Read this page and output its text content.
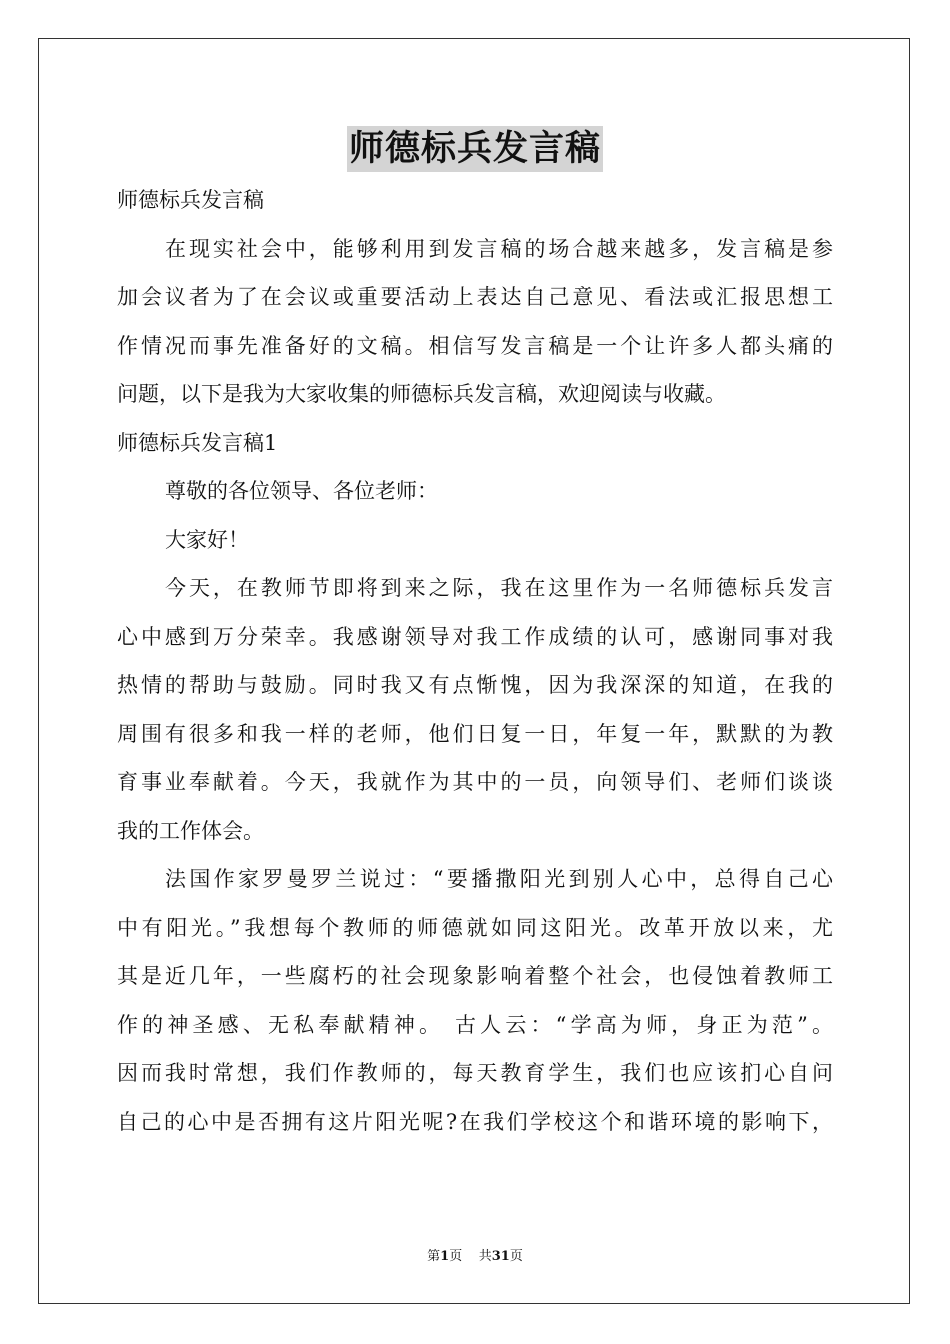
师德标兵发言稿
师德标兵发言稿
在现实社会中，能够利用到发言稿的场合越来越多，发言稿是参
加会议者为了在会议或重要活动上表达自己意见、看法或汇报思想工
作情况而事先准备好的文稿。相信写发言稿是一个让许多人都头痛的
问题，以下是我为大家收集的师德标兵发言稿，欢迎阅读与收藏。
师德标兵发言稿1
尊敬的各位领导、各位老师：
大家好！
今天，在教师节即将到来之际，我在这里作为一名师德标兵发言
心中感到万分荣幸。我感谢领导对我工作成绩的认可，感谢同事对我
热情的帮助与鼓励。同时我又有点惭愧，因为我深深的知道，在我的
周围有很多和我一样的老师，他们日复一日，年复一年，默默的为教
育事业奉献着。今天，我就作为其中的一员，向领导们、老师们谈谈
我的工作体会。
法国作家罗曼罗兰说过：“要播撒阳光到别人心中，总得自己心
中有阳光。”我想每个教师的师德就如同这阳光。改革开放以来，尤
其是近几年，一些腐朽的社会现象影响着整个社会，也侵蚀着教师工
作的神圣感、无私奉献精神。 古人云：“学高为师，身正为范”。
因而我时常想，我们作教师的，每天教育学生，我们也应该扪心自问
自己的心中是否拥有这片阳光呢?在我们学校这个和谐环境的影响下，
第1页 共31页
